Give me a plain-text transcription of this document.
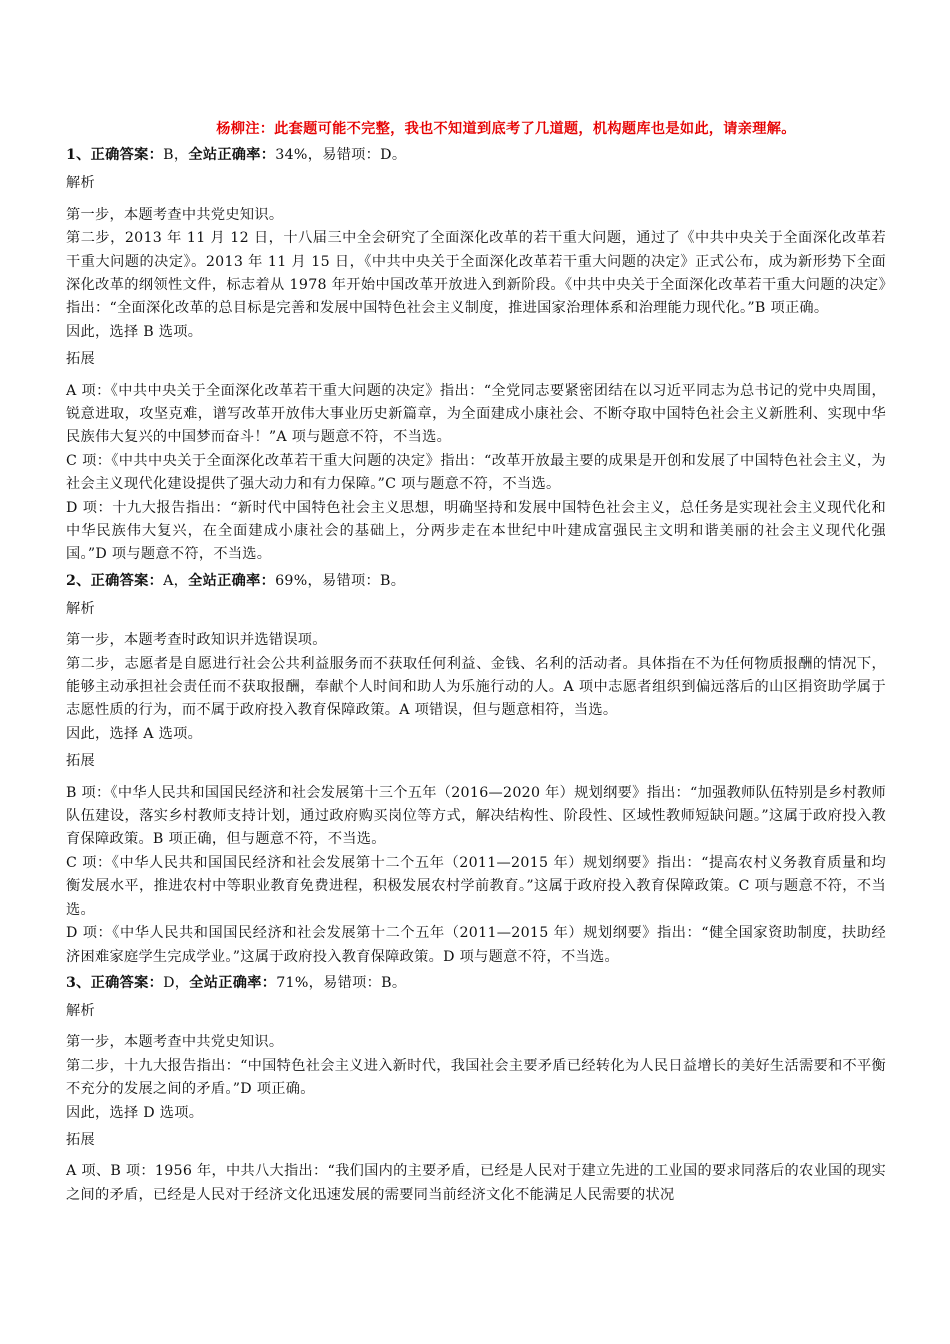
杨柳注：此套题可能不完整，我也不知道到底考了几道题，机构题库也是如此，请亲理解。
1、正确答案：B，全站正确率：34%，易错项：D。
解析
第一步，本题考查中共党史知识。
第二步，2013 年 11 月 12 日，十八届三中全会研究了全面深化改革的若干重大问题，通过了《中共中央关于全面深化改革若干重大问题的决定》。2013 年 11 月 15 日，《中共中央关于全面深化改革若干重大问题的决定》正式公布，成为新形势下全面深化改革的纲领性文件，标志着从 1978 年开始中国改革开放进入到新阶段。《中共中央关于全面深化改革若干重大问题的决定》指出：“全面深化改革的总目标是完善和发展中国特色社会主义制度，推进国家治理体系和治理能力现代化。”B 项正确。
因此，选择 B 选项。
拓展
A 项：《中共中央关于全面深化改革若干重大问题的决定》指出：“全党同志要紧密团结在以习近平同志为总书记的党中央周围，锐意进取，攻坚克难，谱写改革开放伟大事业历史新篇章，为全面建成小康社会、不断夺取中国特色社会主义新胜利、实现中华民族伟大复兴的中国梦而奋斗！”A 项与题意不符，不当选。
C 项：《中共中央关于全面深化改革若干重大问题的决定》指出：“改革开放最主要的成果是开创和发展了中国特色社会主义，为社会主义现代化建设提供了强大动力和有力保障。”C 项与题意不符，不当选。
D 项：十九大报告指出：“新时代中国特色社会主义思想，明确坚持和发展中国特色社会主义，总任务是实现社会主义现代化和中华民族伟大复兴，在全面建成小康社会的基础上，分两步走在本世纪中叶建成富强民主文明和谐美丽的社会主义现代化强国。”D 项与题意不符，不当选。
2、正确答案：A，全站正确率：69%，易错项：B。
解析
第一步，本题考查时政知识并选错误项。
第二步，志愿者是自愿进行社会公共利益服务而不获取任何利益、金钱、名利的活动者。具体指在不为任何物质报酬的情况下，能够主动承担社会责任而不获取报酬，奉献个人时间和助人为乐施行动的人。A 项中志愿者组织到偏远落后的山区捐资助学属于志愿性质的行为，而不属于政府投入教育保障政策。A 项错误，但与题意相符，当选。
因此，选择 A 选项。
拓展
B 项：《中华人民共和国国民经济和社会发展第十三个五年（2016—2020 年）规划纲要》指出：“加强教师队伍特别是乡村教师队伍建设，落实乡村教师支持计划，通过政府购买岗位等方式，解决结构性、阶段性、区域性教师短缺问题。”这属于政府投入教育保障政策。B 项正确，但与题意不符，不当选。
C 项：《中华人民共和国国民经济和社会发展第十二个五年（2011—2015 年）规划纲要》指出：“提高农村义务教育质量和均衡发展水平，推进农村中等职业教育免费进程，积极发展农村学前教育。”这属于政府投入教育保障政策。C 项与题意不符，不当选。
D 项：《中华人民共和国国民经济和社会发展第十二个五年（2011—2015 年）规划纲要》指出：“健全国家资助制度，扶助经济困难家庭学生完成学业。”这属于政府投入教育保障政策。D 项与题意不符，不当选。
3、正确答案：D，全站正确率：71%，易错项：B。
解析
第一步，本题考查中共党史知识。
第二步，十九大报告指出：“中国特色社会主义进入新时代，我国社会主要矛盾已经转化为人民日益增长的美好生活需要和不平衡不充分的发展之间的矛盾。”D 项正确。
因此，选择 D 选项。
拓展
A 项、B 项：1956 年，中共八大指出：“我们国内的主要矛盾，已经是人民对于建立先进的工业国的要求同落后的农业国的现实之间的矛盾，已经是人民对于经济文化迅速发展的需要同当前经济文化不能满足人民需要的状况
